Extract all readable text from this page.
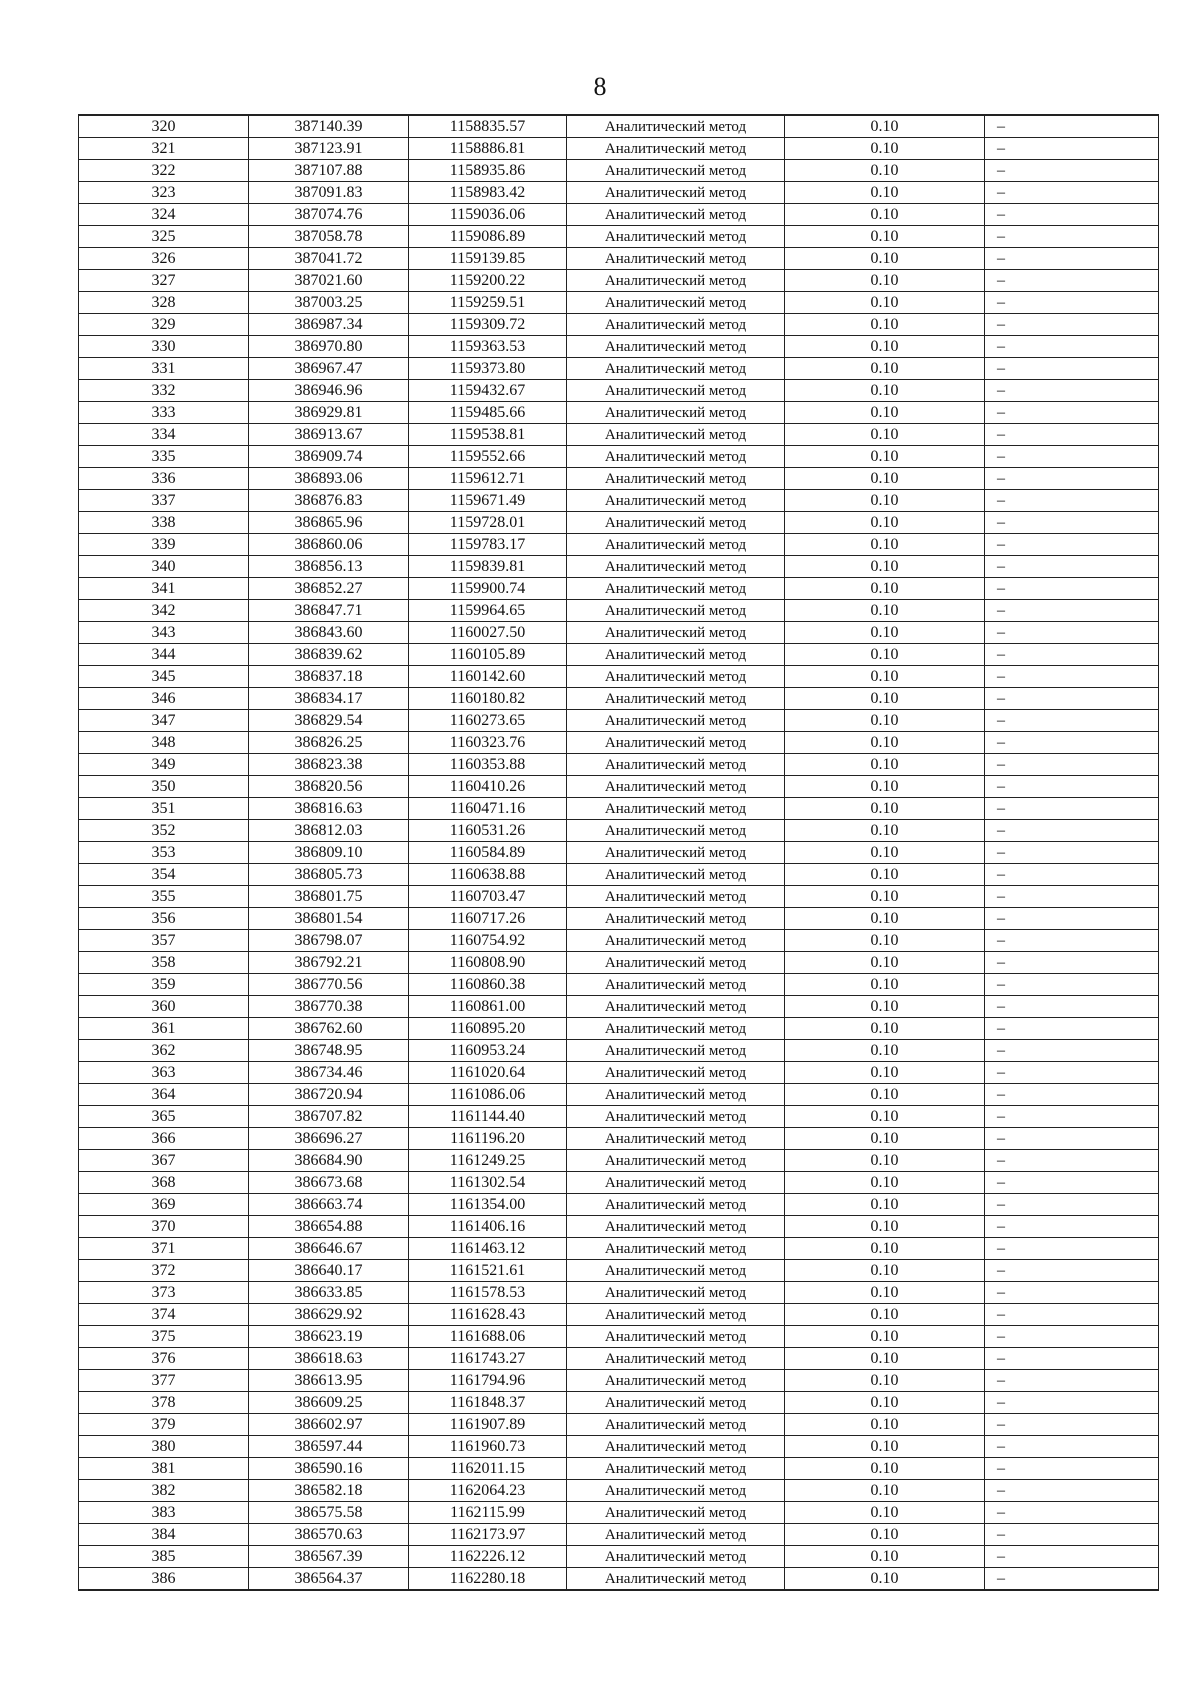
8
320	387140.39	1158835.57	Аналитический метод	0.10	–
321	387123.91	1158886.81	Аналитический метод	0.10	–
322	387107.88	1158935.86	Аналитический метод	0.10	–
323	387091.83	1158983.42	Аналитический метод	0.10	–
324	387074.76	1159036.06	Аналитический метод	0.10	–
325	387058.78	1159086.89	Аналитический метод	0.10	–
326	387041.72	1159139.85	Аналитический метод	0.10	–
327	387021.60	1159200.22	Аналитический метод	0.10	–
328	387003.25	1159259.51	Аналитический метод	0.10	–
329	386987.34	1159309.72	Аналитический метод	0.10	–
330	386970.80	1159363.53	Аналитический метод	0.10	–
331	386967.47	1159373.80	Аналитический метод	0.10	–
332	386946.96	1159432.67	Аналитический метод	0.10	–
333	386929.81	1159485.66	Аналитический метод	0.10	–
334	386913.67	1159538.81	Аналитический метод	0.10	–
335	386909.74	1159552.66	Аналитический метод	0.10	–
336	386893.06	1159612.71	Аналитический метод	0.10	–
337	386876.83	1159671.49	Аналитический метод	0.10	–
338	386865.96	1159728.01	Аналитический метод	0.10	–
339	386860.06	1159783.17	Аналитический метод	0.10	–
340	386856.13	1159839.81	Аналитический метод	0.10	–
341	386852.27	1159900.74	Аналитический метод	0.10	–
342	386847.71	1159964.65	Аналитический метод	0.10	–
343	386843.60	1160027.50	Аналитический метод	0.10	–
344	386839.62	1160105.89	Аналитический метод	0.10	–
345	386837.18	1160142.60	Аналитический метод	0.10	–
346	386834.17	1160180.82	Аналитический метод	0.10	–
347	386829.54	1160273.65	Аналитический метод	0.10	–
348	386826.25	1160323.76	Аналитический метод	0.10	–
349	386823.38	1160353.88	Аналитический метод	0.10	–
350	386820.56	1160410.26	Аналитический метод	0.10	–
351	386816.63	1160471.16	Аналитический метод	0.10	–
352	386812.03	1160531.26	Аналитический метод	0.10	–
353	386809.10	1160584.89	Аналитический метод	0.10	–
354	386805.73	1160638.88	Аналитический метод	0.10	–
355	386801.75	1160703.47	Аналитический метод	0.10	–
356	386801.54	1160717.26	Аналитический метод	0.10	–
357	386798.07	1160754.92	Аналитический метод	0.10	–
358	386792.21	1160808.90	Аналитический метод	0.10	–
359	386770.56	1160860.38	Аналитический метод	0.10	–
360	386770.38	1160861.00	Аналитический метод	0.10	–
361	386762.60	1160895.20	Аналитический метод	0.10	–
362	386748.95	1160953.24	Аналитический метод	0.10	–
363	386734.46	1161020.64	Аналитический метод	0.10	–
364	386720.94	1161086.06	Аналитический метод	0.10	–
365	386707.82	1161144.40	Аналитический метод	0.10	–
366	386696.27	1161196.20	Аналитический метод	0.10	–
367	386684.90	1161249.25	Аналитический метод	0.10	–
368	386673.68	1161302.54	Аналитический метод	0.10	–
369	386663.74	1161354.00	Аналитический метод	0.10	–
370	386654.88	1161406.16	Аналитический метод	0.10	–
371	386646.67	1161463.12	Аналитический метод	0.10	–
372	386640.17	1161521.61	Аналитический метод	0.10	–
373	386633.85	1161578.53	Аналитический метод	0.10	–
374	386629.92	1161628.43	Аналитический метод	0.10	–
375	386623.19	1161688.06	Аналитический метод	0.10	–
376	386618.63	1161743.27	Аналитический метод	0.10	–
377	386613.95	1161794.96	Аналитический метод	0.10	–
378	386609.25	1161848.37	Аналитический метод	0.10	–
379	386602.97	1161907.89	Аналитический метод	0.10	–
380	386597.44	1161960.73	Аналитический метод	0.10	–
381	386590.16	1162011.15	Аналитический метод	0.10	–
382	386582.18	1162064.23	Аналитический метод	0.10	–
383	386575.58	1162115.99	Аналитический метод	0.10	–
384	386570.63	1162173.97	Аналитический метод	0.10	–
385	386567.39	1162226.12	Аналитический метод	0.10	–
386	386564.37	1162280.18	Аналитический метод	0.10	–
